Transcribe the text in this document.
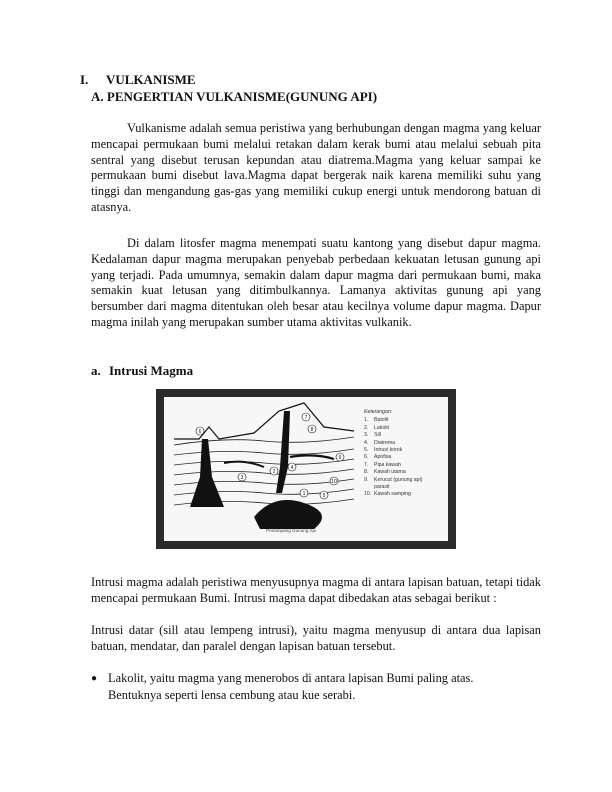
I. VULKANISME
A. PENGERTIAN VULKANISME(GUNUNG API)

Vulkanisme adalah semua peristiwa yang berhubungan dengan magma yang keluar mencapai permukaan bumi melalui retakan dalam kerak bumi atau melalui sebuah pita sentral yang disebut terusan kepundan atau diatrema.Magma yang keluar sampai ke permukaan bumi disebut lava.Magma dapat bergerak naik karena memiliki suhu yang tinggi dan mengandung gas-gas yang memiliki cukup energi untuk mendorong batuan di atasnya.

Di dalam litosfer magma menempati suatu kantong yang disebut dapur magma. Kedalaman dapur magma merupakan penyebab perbedaan kekuatan letusan gunung api yang terjadi. Pada umumnya, semakin dalam dapur magma dari permukaan bumi, maka semakin kuat letusan yang ditimbulkannya. Lamanya aktivitas gunung api yang bersumber dari magma ditentukan oleh besar atau kecilnya volume dapur magma. Dapur magma inilah yang merupakan sumber utama aktivitas vulkanik.

a. Intrusi Magma
6
7
8
3
2
4
9
10
5
1
Keterangan:
1. Batolit
2. Lakolit
3. Sill
4. Diatrema
5. Intrusi korok
6. Apofisa
7. Pipa kawah
8. Kawah utama
9. Kerucut (gunung api)
parasit
10. Kawah samping
Penampang Gunung Api

Intrusi magma adalah peristiwa menyusupnya magma di antara lapisan batuan, tetapi tidak mencapai permukaan Bumi. Intrusi magma dapat dibedakan atas sebagai berikut :

Intrusi datar (sill atau lempeng intrusi), yaitu magma menyusup di antara dua lapisan batuan, mendatar, dan paralel dengan lapisan batuan tersebut.

● Lakolit, yaitu magma yang menerobos di antara lapisan Bumi paling atas.
Bentuknya seperti lensa cembung atau kue serabi.
